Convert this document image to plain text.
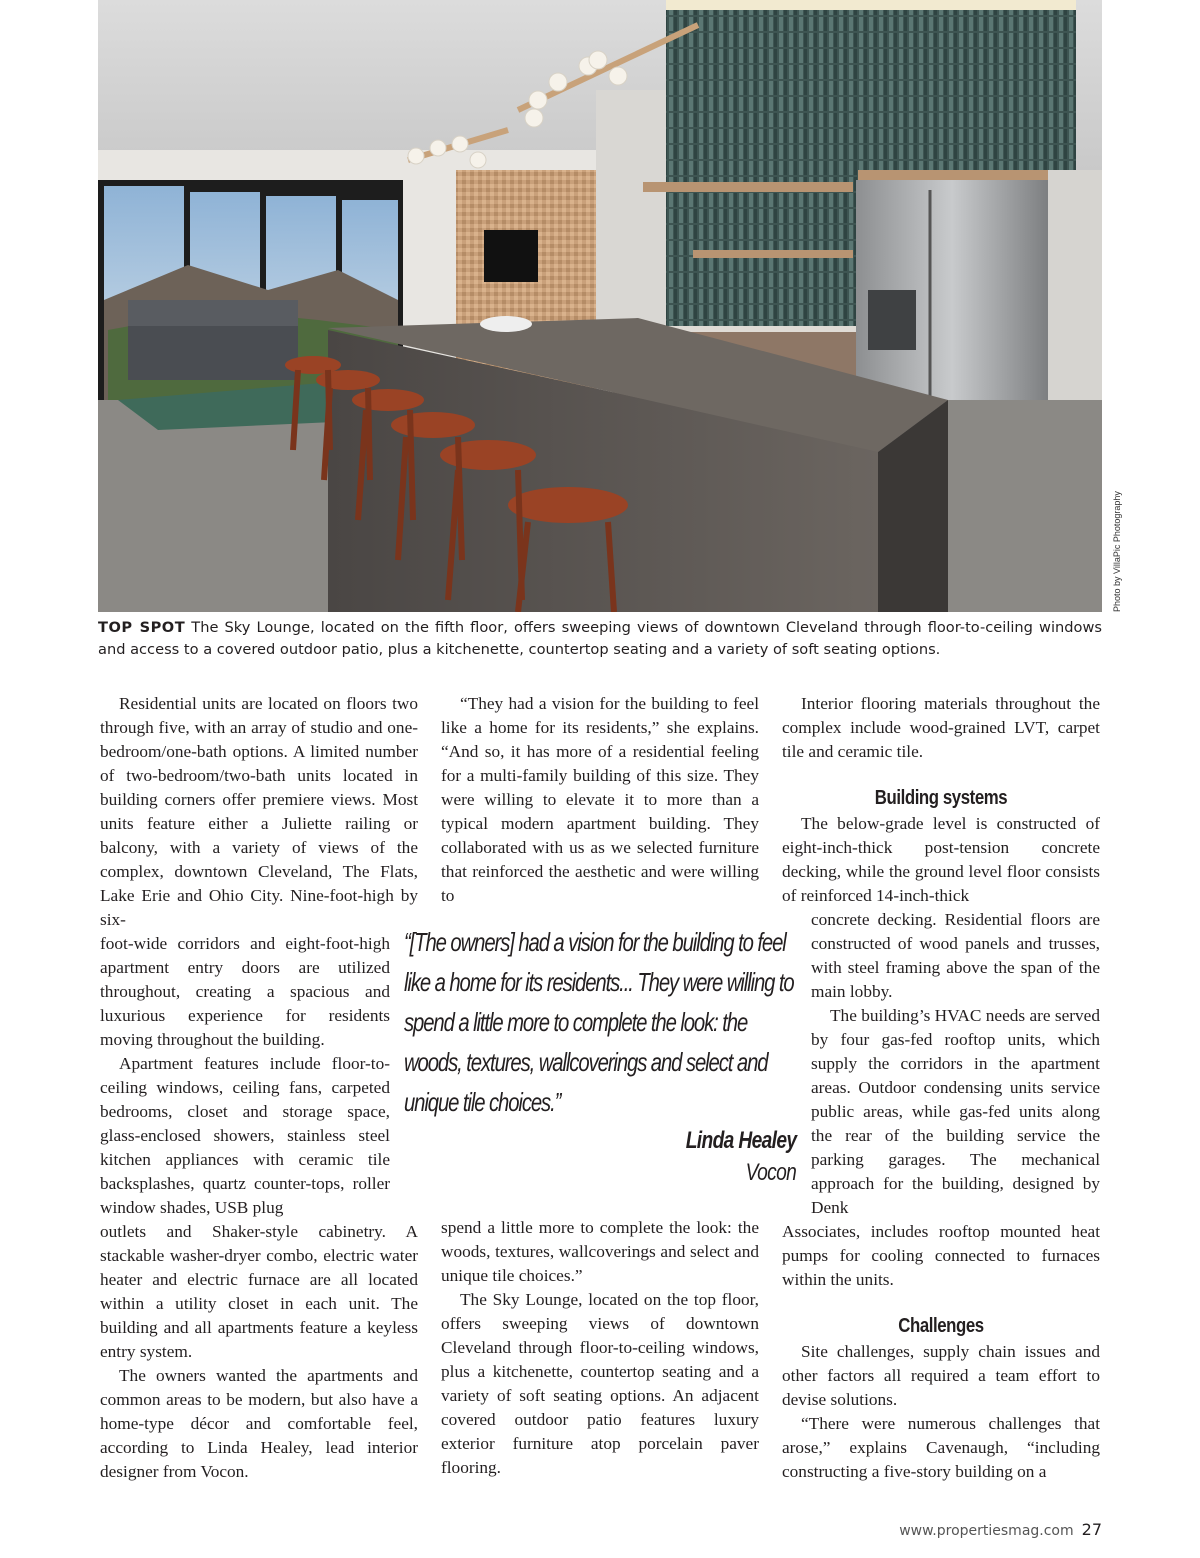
Photo by VillaPic Photography

TOP SPOT The Sky Lounge, located on the fifth floor, offers sweeping views of downtown Cleveland through floor-to-ceiling windows and access to a covered outdoor patio, plus a kitchenette, countertop seating and a variety of soft seating options.

Residential units are located on floors two through five, with an array of studio and one-bedroom/one-bath options. A limited number of two-bedroom/two-bath units located in building corners offer premiere views. Most units feature either a Juliette railing or balcony, with a variety of views of the complex, downtown Cleveland, The Flats, Lake Erie and Ohio City. Nine-foot-high by six-

foot-wide corridors and eight-foot-high apartment entry doors are utilized throughout, creating a spacious and luxurious experience for residents moving throughout the building.

Apartment features include floor-to-ceiling windows, ceiling fans, carpeted bedrooms, closet and storage space, glass-enclosed showers, stainless steel kitchen appliances with ceramic tile backsplashes, quartz counter-tops, roller window shades, USB plug

outlets and Shaker-style cabinetry. A stackable washer-dryer combo, electric water heater and electric furnace are all located within a utility closet in each unit. The building and all apartments feature a keyless entry system.

The owners wanted the apartments and common areas to be modern, but also have a home-type décor and comfortable feel, according to Linda Healey, lead interior designer from Vocon.

“They had a vision for the building to feel like a home for its residents,” she explains. “And so, it has more of a residential feeling for a multi-family building of this size. They were willing to elevate it to more than a typical modern apartment building. They collaborated with us as we selected furniture that reinforced the aesthetic and were willing to

spend a little more to complete the look: the woods, textures, wallcoverings and select and unique tile choices.”

The Sky Lounge, located on the top floor, offers sweeping views of downtown Cleveland through floor-to-ceiling windows, plus a kitchenette, countertop seating and a variety of soft seating options. An adjacent covered outdoor patio features luxury exterior furniture atop porcelain paver flooring.

Interior flooring materials throughout the complex include wood-grained LVT, carpet tile and ceramic tile.

Building systems

The below-grade level is constructed of eight-inch-thick post-tension concrete decking, while the ground level floor consists of reinforced 14-inch-thick

concrete decking. Residential floors are constructed of wood panels and trusses, with steel framing above the span of the main lobby.

The building’s HVAC needs are served by four gas-fed rooftop units, which supply the corridors in the apartment areas. Outdoor condensing units service public areas, while gas-fed units along the rear of the building service the parking garages. The mechanical approach for the building, designed by Denk

Associates, includes rooftop mounted heat pumps for cooling connected to furnaces within the units.

Challenges

Site challenges, supply chain issues and other factors all required a team effort to devise solutions.

“There were numerous challenges that arose,” explains Cavenaugh, “including constructing a five-story building on a

“[The owners] had a vision for the building to feel like a home for its residents... They were willing to spend a little more to complete the look: the woods, textures, wallcoverings and select and unique tile choices.”

Linda Healey
Vocon
www.propertiesmag.com 27
